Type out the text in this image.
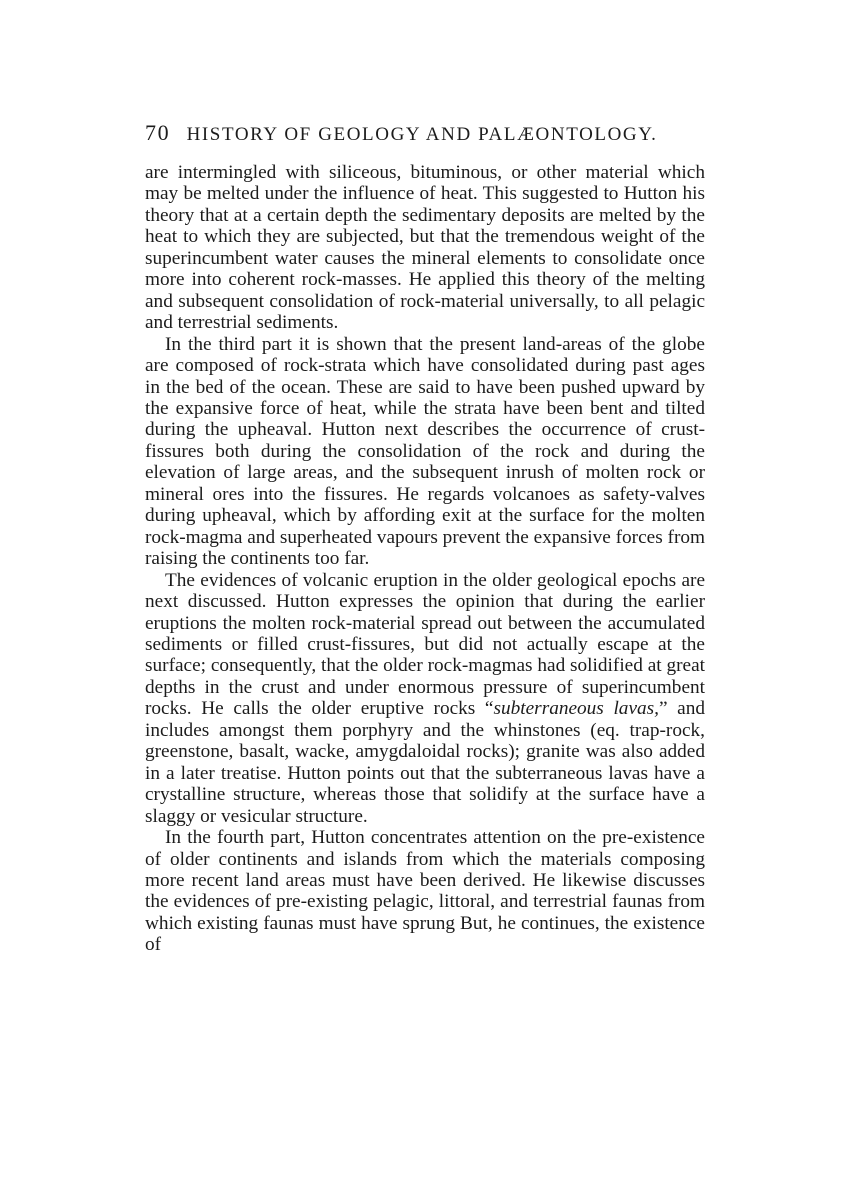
70 HISTORY OF GEOLOGY AND PALÆONTOLOGY.

are intermingled with siliceous, bituminous, or other material which may be melted under the influence of heat. This suggested to Hutton his theory that at a certain depth the sedimentary deposits are melted by the heat to which they are subjected, but that the tremendous weight of the superincumbent water causes the mineral elements to consolidate once more into coherent rock-masses. He applied this theory of the melting and subsequent consolidation of rock-material universally, to all pelagic and terrestrial sediments.

In the third part it is shown that the present land-areas of the globe are composed of rock-strata which have consolidated during past ages in the bed of the ocean. These are said to have been pushed upward by the expansive force of heat, while the strata have been bent and tilted during the upheaval. Hutton next describes the occurrence of crust-fissures both during the consolidation of the rock and during the elevation of large areas, and the subsequent inrush of molten rock or mineral ores into the fissures. He regards volcanoes as safety-valves during upheaval, which by affording exit at the surface for the molten rock-magma and superheated vapours prevent the expansive forces from raising the continents too far.

The evidences of volcanic eruption in the older geological epochs are next discussed. Hutton expresses the opinion that during the earlier eruptions the molten rock-material spread out between the accumulated sediments or filled crust-fissures, but did not actually escape at the surface; consequently, that the older rock-magmas had solidified at great depths in the crust and under enormous pressure of superincumbent rocks. He calls the older eruptive rocks “subterraneous lavas,” and includes amongst them porphyry and the whinstones (eq. trap-rock, greenstone, basalt, wacke, amygdaloidal rocks); granite was also added in a later treatise. Hutton points out that the subterraneous lavas have a crystalline structure, whereas those that solidify at the surface have a slaggy or vesicular structure.

In the fourth part, Hutton concentrates attention on the pre-existence of older continents and islands from which the materials composing more recent land areas must have been derived. He likewise discusses the evidences of pre-existing pelagic, littoral, and terrestrial faunas from which existing faunas must have sprung But, he continues, the existence of
